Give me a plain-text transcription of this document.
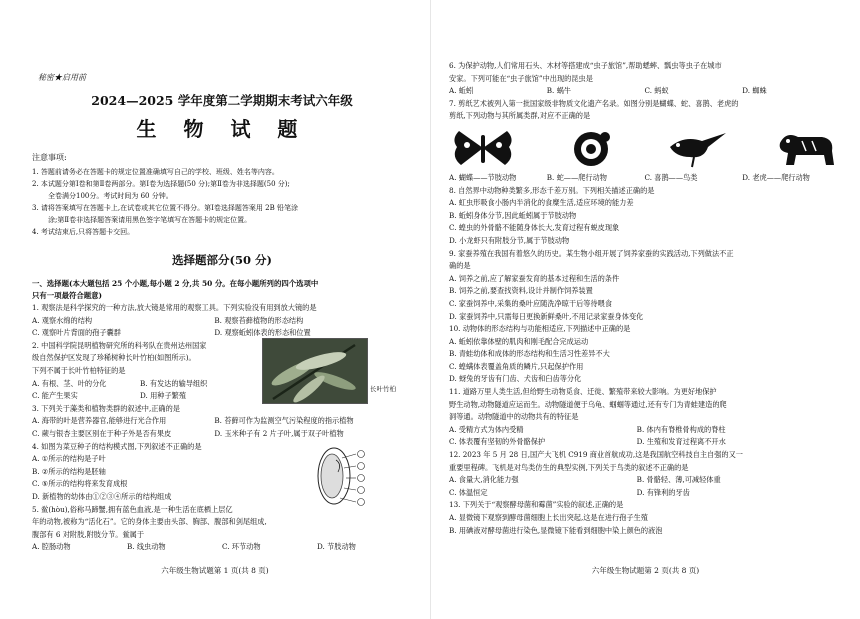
秘密★启用前

2024—2025 学年度第二学期期末考试六年级
生 物 试 题

注意事项:

1. 答题前请务必在答题卡的规定位置准确填写自己的学校、班级、姓名等内容。

2. 本试题分第Ⅰ卷和第Ⅱ卷两部分。第Ⅰ卷为选择题(50 分);第Ⅱ卷为非选择题(50 分);

全卷满分100分。考试时间为 60 分钟。

3. 请将答案填写在答题卡上,在试卷或其它位置不得分。第Ⅰ卷选择题答案用 2B 铅笔涂

涂;第Ⅱ卷非选择题答案请用黑色签字笔填写在答题卡的规定位置。

4. 考试结束后,只将答题卡交回。

选择题部分(50 分)

一、选择题(本大题包括 25 个小题,每小题 2 分,共 50 分。在每小题所列的四个选项中

只有一项最符合题意)

1. 观察法是科学探究的一种方法,放大镜是常用的观察工具。下列实验没有用到放大镜的是

A. 观察水绵的结构	B. 观察苔藓植物的形态结构
C. 观察叶片背面的孢子囊群	D. 观察蚯蚓体表的形态和位置

2. 中国科学院昆明植物研究所的科考队在贵州达州国家

级自然保护区发现了珍稀树种长叶竹柏(如图所示)。

下列不属于长叶竹柏特征的是

A. 有根、茎、叶的分化	B. 有发达的输导组织
C. 能产生果实	D. 用种子繁殖

3. 下列关于藻类和植物类群的叙述中,正确的是

A. 海带的叶是营养器官,能够进行光合作用	B. 苔藓可作为监测空气污染程度的指示植物
C. 蕨与银杏主要区别在于种子外是否有果皮	D. 玉米种子有 2 片子叶,属于双子叶植物

4. 如图为菜豆种子的结构模式图,下列叙述不正确的是

A. ①所示的结构是子叶

B. ②所示的结构是胚轴

C. ⑤所示的结构将来发育成根

D. 新植物的幼体由①②③④所示的结构组成

5. 鲎(hòu),俗称马蹄蟹,拥有蓝色血液,是一种生活在底栖上层亿

年的动物,被称为“活化石”。它的身体主要由头部、胸部、腹部和剑尾组成,

腹部有 6 对附肢,附肢分节。鲎属于

A. 腔肠动物	B. 线虫动物	C. 环节动物	D. 节肢动物
长叶竹柏
六年级生物试题第 1 页(共 8 页)

6. 为保护动物,人们常用石头、木材等搭建成“虫子旅馆”,帮助蟋蟀、瓢虫等虫子在城市

安家。下列可能在“虫子旅馆”中出现的昆虫是

A. 蚯蚓	B. 蜗牛	C. 蚂蚁	D. 蜘蛛

7. 剪纸艺术被列入第一批国家级非物质文化遗产名录。如图分别是蝴蝶、蛇、喜鹊、老虎的

剪纸,下列动物与其所属类群,对应不正确的是

A. 蝴蝶——节肢动物	B. 蛇——爬行动物	C. 喜鹊——鸟类	D. 老虎——爬行动物

8. 自然界中动物种类繁多,形态千差万别。下列相关描述正确的是

A. 虹虫形吸食小肠内半消化的食糜生活,适应环境的能力差

B. 蚯蚓身体分节,因此蚯蚓属于节肢动物

C. 蝗虫的外骨骼不能随身体长大,发育过程有蜕皮现象

D. 小龙虾只有附肢分节,属于节肢动物

9. 家蚕养殖在我国有着悠久的历史。某生物小组开展了饲养家蚕的实践活动,下列做法不正

确的是

A. 饲养之前,应了解家蚕发育的基本过程和生活的条件

B. 饲养之前,要查找资料,设计并制作饲养装置

C. 家蚕饲养中,采集的桑叶应随洗净晾干后等待喂食

D. 家蚕饲养中,只需每日更换新鲜桑叶,不用记录家蚕身体变化

10. 动物体的形态结构与功能相适应,下列描述中正确的是

A. 蚯蚓依靠体壁的肌肉和刚毛配合完成运动

B. 青蛙幼体和成体的形态结构和生活习性差异不大

C. 蝗螨体表覆盖角质的鳞片,只起保护作用

D. 蚜兔的牙齿有门齿、犬齿和臼齿等分化

11. 道路万里人类生活,但给野生动物觅食、迁徙、繁殖带来较大影响。为更好地保护

野生动物,动物隧道应运而生。动物隧道便于乌龟、蝈蝈等通过,还有专门为青蛙建造的爬

洞等通。动物隧道中的动物共有的特征是

A. 受精方式为体内受精	B. 体内有脊椎骨构成的脊柱
C. 体表覆有坚韧的外骨骼保护	D. 生殖和发育过程离不开水

12. 2023 年 5 月 28 日,国产大飞机 C919 商业首航成功,这是我国航空科技自主自强的又一

重要里程碑。飞机是对鸟类仿生的典型实例,下列关于鸟类的叙述不正确的是

A. 食量大,消化能力强	B. 骨骼轻、薄,可减轻体重
C. 体温恒定	D. 有锋利的牙齿

13. 下列关于“观察酵母菌和霉菌”实验的叙述,正确的是

A. 显微镜下观察到酵母菌细胞上长出突起,这是在进行孢子生殖

B. 用碘液对酵母菌进行染色,显微镜下能看到细胞中染上颜色的液泡

六年级生物试题第 2 页(共 8 页)
